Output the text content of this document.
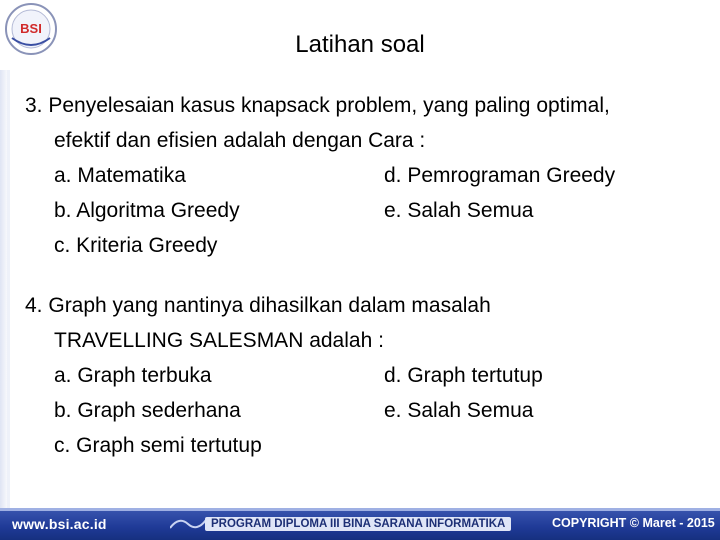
BSI
Latihan soal
3. Penyelesaian kasus knapsack problem, yang paling optimal,
efektif dan efisien adalah dengan Cara :
a. Matematika
b. Algoritma Greedy
c. Kriteria Greedy
d. Pemrograman Greedy
e. Salah Semua
4. Graph yang nantinya dihasilkan dalam masalah
TRAVELLING SALESMAN adalah :
a. Graph terbuka
b. Graph sederhana
c. Graph semi tertutup
d. Graph tertutup
e. Salah Semua
www.bsi.ac.id	PROGRAM DIPLOMA III BINA SARANA INFORMATIKA	COPYRIGHT © Maret - 2015
